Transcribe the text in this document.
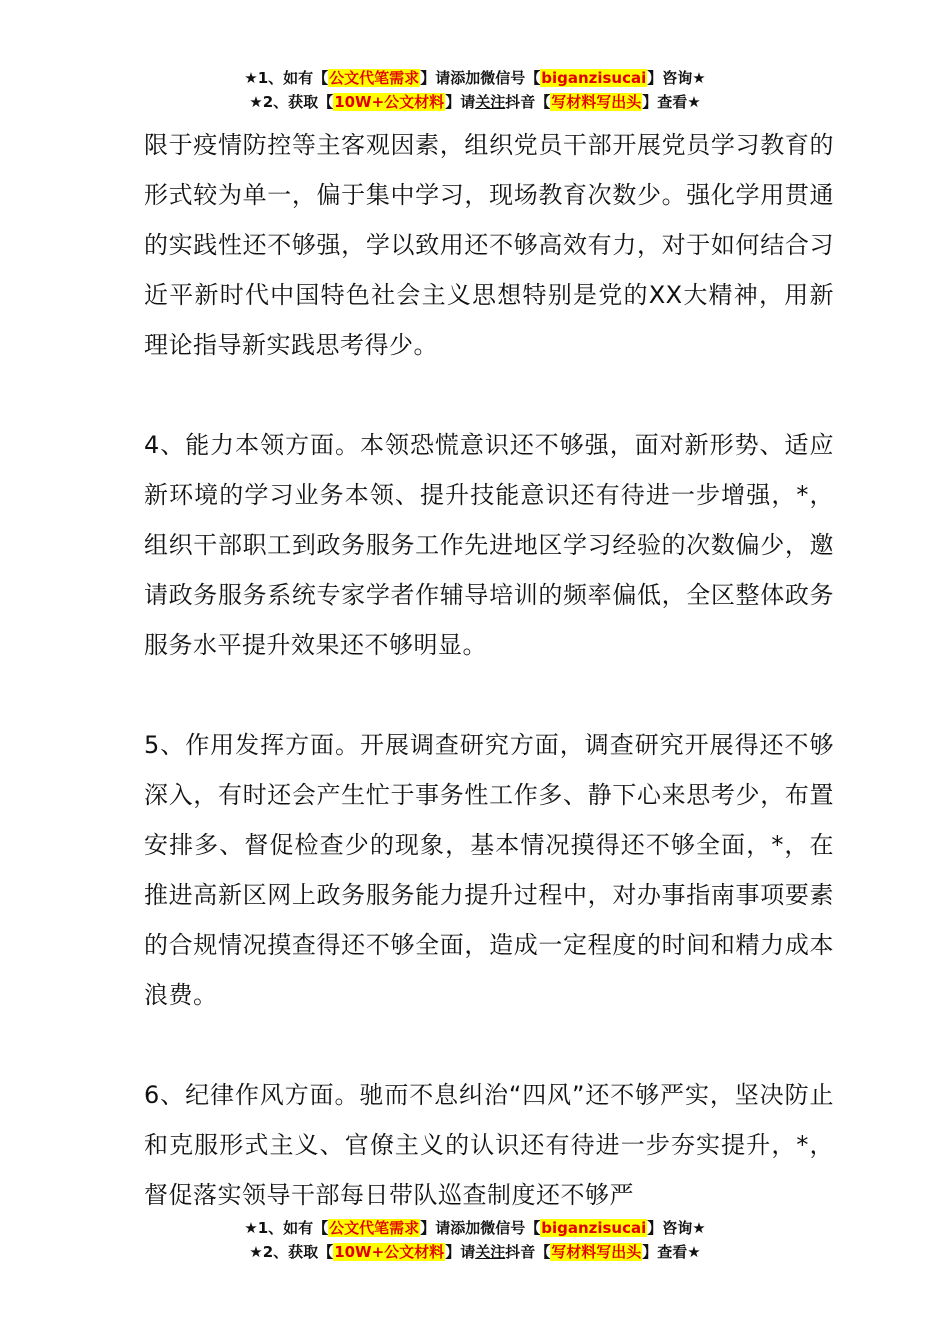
★1、如有【公文代笔需求】请添加微信号【biganzisucai】咨询★
★2、获取【10W+公文材料】请关注抖音【写材料写出头】查看★

限于疫情防控等主客观因素，组织党员干部开展党员学习教育的形式较为单一，偏于集中学习，现场教育次数少。强化学用贯通的实践性还不够强，学以致用还不够高效有力，对于如何结合习近平新时代中国特色社会主义思想特别是党的XX大精神，用新理论指导新实践思考得少。

4、能力本领方面。本领恐慌意识还不够强，面对新形势、适应新环境的学习业务本领、提升技能意识还有待进一步增强，*，组织干部职工到政务服务工作先进地区学习经验的次数偏少，邀请政务服务系统专家学者作辅导培训的频率偏低，全区整体政务服务水平提升效果还不够明显。

5、作用发挥方面。开展调查研究方面，调查研究开展得还不够深入，有时还会产生忙于事务性工作多、静下心来思考少，布置安排多、督促检查少的现象，基本情况摸得还不够全面，*，在推进高新区网上政务服务能力提升过程中，对办事指南事项要素的合规情况摸查得还不够全面，造成一定程度的时间和精力成本浪费。

6、纪律作风方面。驰而不息纠治“四风”还不够严实，坚决防止和克服形式主义、官僚主义的认识还有待进一步夯实提升，*，督促落实领导干部每日带队巡查制度还不够严

★1、如有【公文代笔需求】请添加微信号【biganzisucai】咨询★
★2、获取【10W+公文材料】请关注抖音【写材料写出头】查看★
